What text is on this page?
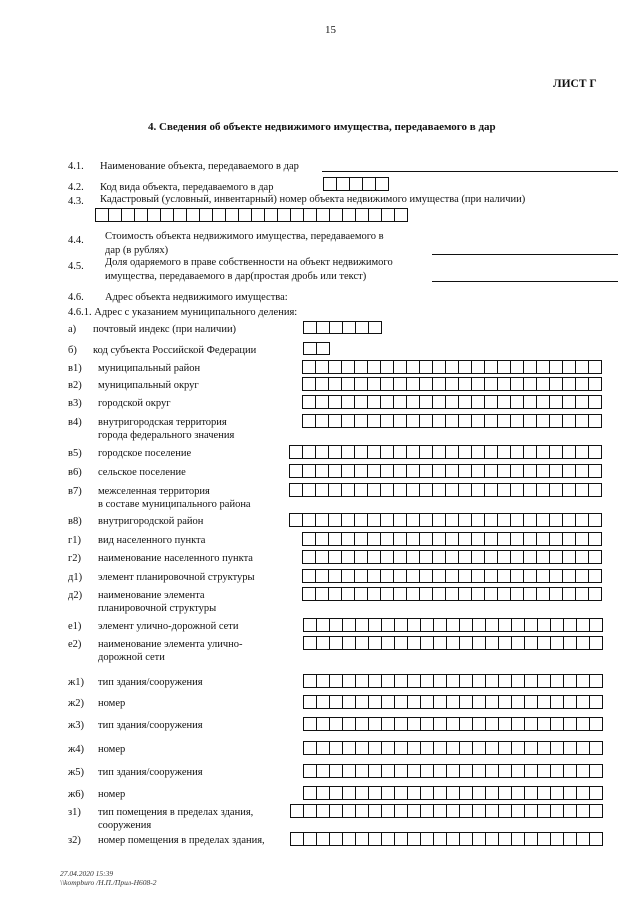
15
ЛИСТ Г
4. Сведения об объекте недвижимого имущества, передаваемого в дар
4.1. Наименование объекта, передаваемого в дар
4.2. Код вида объекта, передаваемого в дар
4.3. Кадастровый (условный, инвентарный) номер объекта недвижимого имущества (при наличии)
4.4. Стоимость объекта недвижимого имущества, передаваемого в
дар (в рублях)
4.5. Доля одаряемого в праве собственности на объект недвижимого
имущества, передаваемого в дар(простая дробь или текст)
4.6. Адрес объекта недвижимого имущества:
4.6.1. Адрес с указанием муниципального деления:
а) почтовый индекс (при наличии)
б) код субъекта Российской Федерации
в1) муниципальный район
в2) муниципальный округ
в3) городской округ
в4) внутригородская территория
города федерального значения
в5) городское поселение
в6) сельское поселение
в7) межселенная территория
в составе муниципального района
в8) внутригородской район
г1) вид населенного пункта
г2) наименование населенного пункта
д1) элемент планировочной структуры
д2) наименование элемента
планировочной структуры
е1) элемент улично-дорожной сети
е2) наименование элемента улично-
дорожной сети
ж1) тип здания/сооружения
ж2) номер
ж3) тип здания/сооружения
ж4) номер
ж5) тип здания/сооружения
ж6) номер
з1) тип помещения в пределах здания,
сооружения
з2) номер помещения в пределах здания,
27.04.2020 15:39
\\kompburo /Н.П./Прил-Н608-2
